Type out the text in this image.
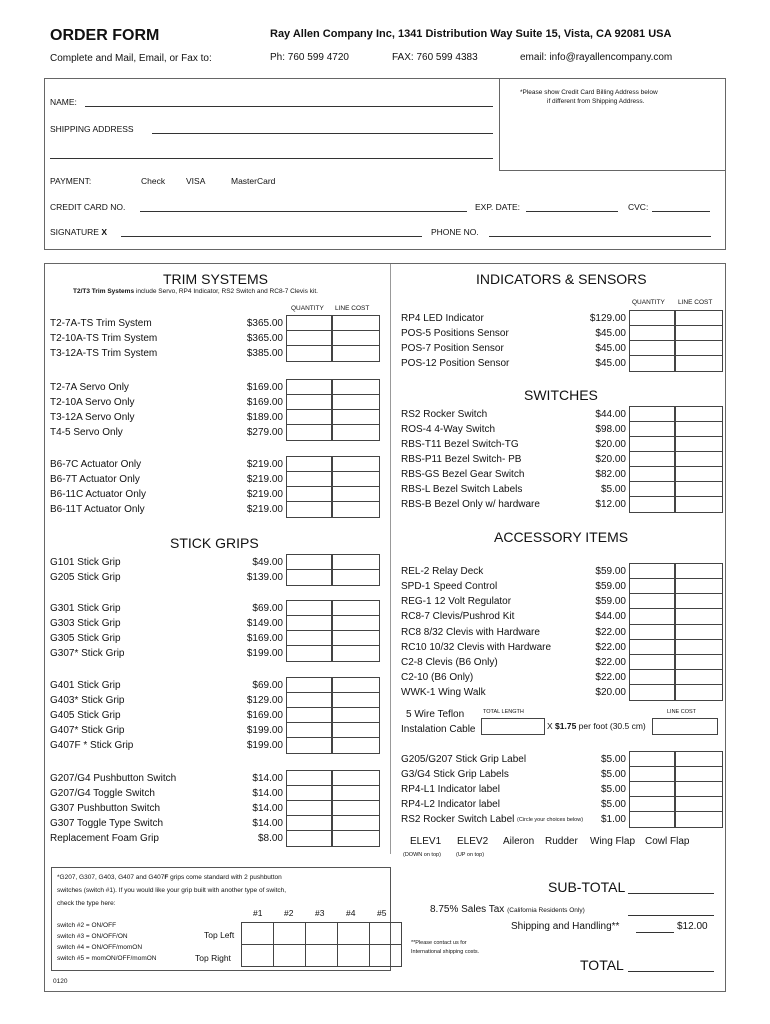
ORDER FORM	Ray Allen Company Inc, 1341 Distribution Way Suite 15, Vista, CA 92081 USA
Complete and Mail, Email, or Fax to:	Ph: 760 599 4720	FAX: 760 599 4383	email: info@rayallencompany.com
*Please show Credit Card Billing Address below
if different from Shipping Address.
NAME:
SHIPPING ADDRESS
PAYMENT:	Check VISA	MasterCard
CREDIT CARD NO.	EXP. DATE:	CVC:
SIGNATURE X	PHONE NO.
TRIM SYSTEMS
T2/T3 Trim Systems include Servo, RP4 Indicator, RS2 Switch and RC8-7 Clevis kit.
QUANTITY LINE COST
T2-7A-TS Trim System	$365.00
T2-10A-TS Trim System	$365.00
T3-12A-TS Trim System	$385.00
T2-7A Servo Only	$169.00
T2-10A Servo Only	$169.00
T3-12A Servo Only	$189.00
T4-5 Servo Only	$279.00
B6-7C Actuator Only	$219.00
B6-7T Actuator Only	$219.00
B6-11C Actuator Only	$219.00
B6-11T Actuator Only	$219.00
STICK GRIPS
G101 Stick Grip	$49.00
G205 Stick Grip	$139.00
G301 Stick Grip	$69.00
G303 Stick Grip	$149.00
G305 Stick Grip	$169.00
G307* Stick Grip	$199.00
G401 Stick Grip	$69.00
G403* Stick Grip	$129.00
G405 Stick Grip	$169.00
G407* Stick Grip	$199.00
G407F * Stick Grip	$199.00
G207/G4 Pushbutton Switch	$14.00
G207/G4 Toggle Switch	$14.00
G307 Pushbutton Switch	$14.00
G307 Toggle Type Switch	$14.00
Replacement Foam Grip	$8.00
INDICATORS & SENSORS
QUANTITY LINE COST
RP4 LED Indicator	$129.00
POS-5 Positions Sensor	$45.00
POS-7 Position Sensor	$45.00
POS-12 Position Sensor	$45.00
SWITCHES
RS2 Rocker Switch	$44.00
ROS-4 4-Way Switch	$98.00
RBS-T11 Bezel Switch-TG	$20.00
RBS-P11 Bezel Switch- PB	$20.00
RBS-GS Bezel Gear Switch	$82.00
RBS-L Bezel Switch Labels	$5.00
RBS-B Bezel Only w/ hardware	$12.00
ACCESSORY ITEMS
REL-2 Relay Deck	$59.00
SPD-1 Speed Control	$59.00
REG-1 12 Volt Regulator	$59.00
RC8-7 Clevis/Pushrod Kit	$44.00
RC8 8/32 Clevis with Hardware	$22.00
RC10 10/32 Clevis with Hardware	$22.00
C2-8 Clevis (B6 Only)	$22.00
C2-10 (B6 Only)	$22.00
WWK-1 Wing Walk	$20.00
5 Wire Teflon
Instalation Cable
TOTAL LENGTH	LINE COST
X $1.75 per foot (30.5 cm)
G205/G207 Stick Grip Label	$5.00
G3/G4 Stick Grip Labels	$5.00
RP4-L1 Indicator label	$5.00
RP4-L2 Indicator label	$5.00
RS2 Rocker Switch Label	$1.00
(Circle your choices below)
ELEV1 ELEV2 Aileron Rudder Wing Flap Cowl Flap
(DOWN on top)	(UP on top)
*G207, G307, G403, G407 and G407F grips come standard with 2 pushbutton
switches (switch #1). If you would like your grip built with another type of switch,
check the type here:
switch #2 = ON/OFF
switch #3 = ON/OFF/ON
switch #4 = ON/OFF/momON
switch #5 = momON/OFF/momON
#1	#2	#3	#4	#5
Top Left
Top Right

SUB-TOTAL
8.75% Sales Tax (California Residents Only)
Shipping and Handling**	$12.00
**Please contact us for
International shipping costs.
TOTAL
0120
